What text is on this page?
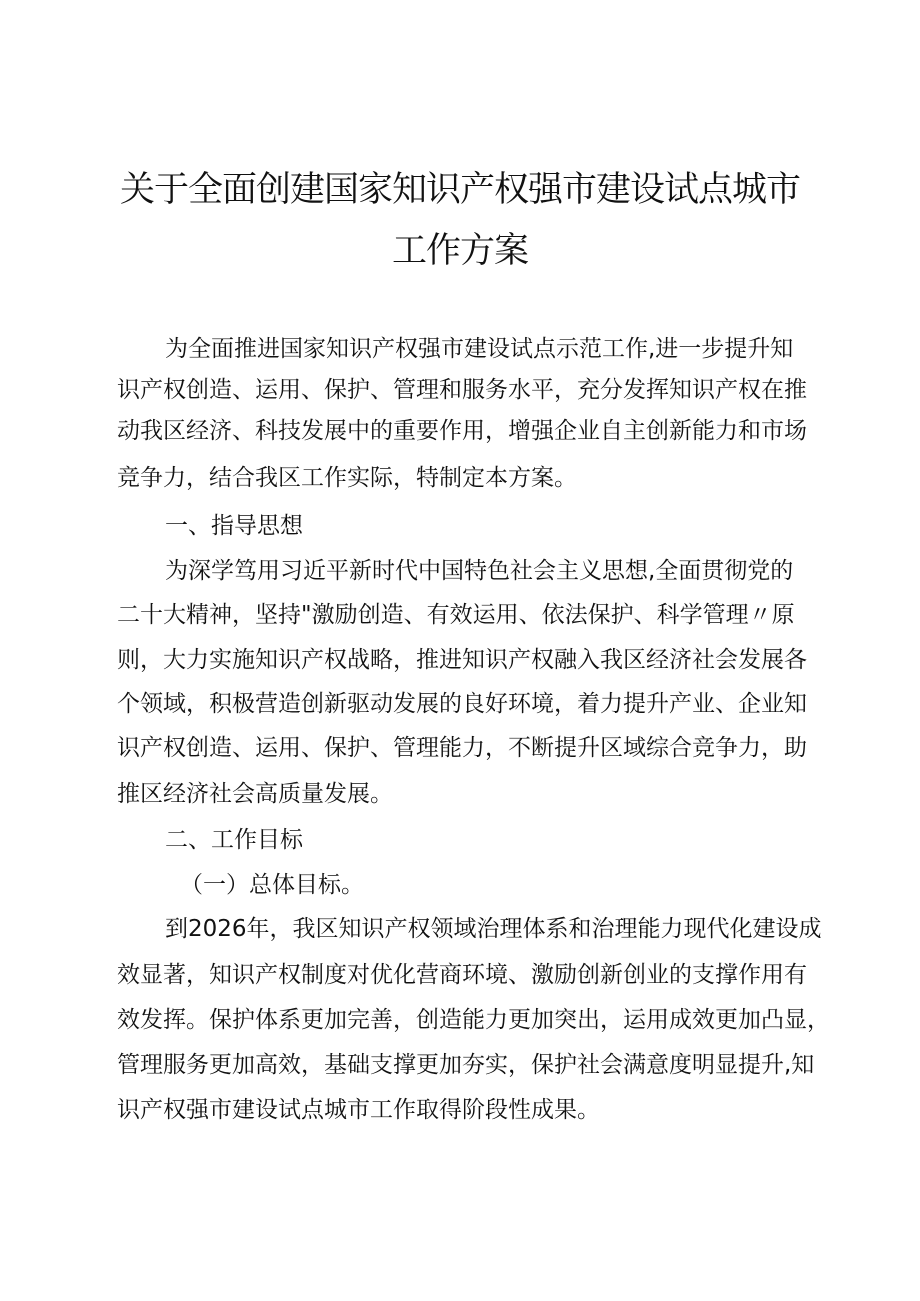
关于全面创建国家知识产权强市建设试点城市
工作方案
为全面推进国家知识产权强市建设试点示范工作,进一步提升知
识产权创造、运用、保护、管理和服务水平，充分发挥知识产权在推
动我区经济、科技发展中的重要作用，增强企业自主创新能力和市场
竞争力，结合我区工作实际，特制定本方案。
一、指导思想
为深学笃用习近平新时代中国特色社会主义思想,全面贯彻党的
二十大精神，坚持"激励创造、有效运用、依法保护、科学管理〃原
则，大力实施知识产权战略，推进知识产权融入我区经济社会发展各
个领域，积极营造创新驱动发展的良好环境，着力提升产业、企业知
识产权创造、运用、保护、管理能力，不断提升区域综合竞争力，助
推区经济社会高质量发展。
二、工作目标
（一）总体目标。
到2026年，我区知识产权领域治理体系和治理能力现代化建设成
效显著，知识产权制度对优化营商环境、激励创新创业的支撑作用有
效发挥。保护体系更加完善，创造能力更加突出，运用成效更加凸显，
管理服务更加高效，基础支撑更加夯实，保护社会满意度明显提升,知
识产权强市建设试点城市工作取得阶段性成果。
